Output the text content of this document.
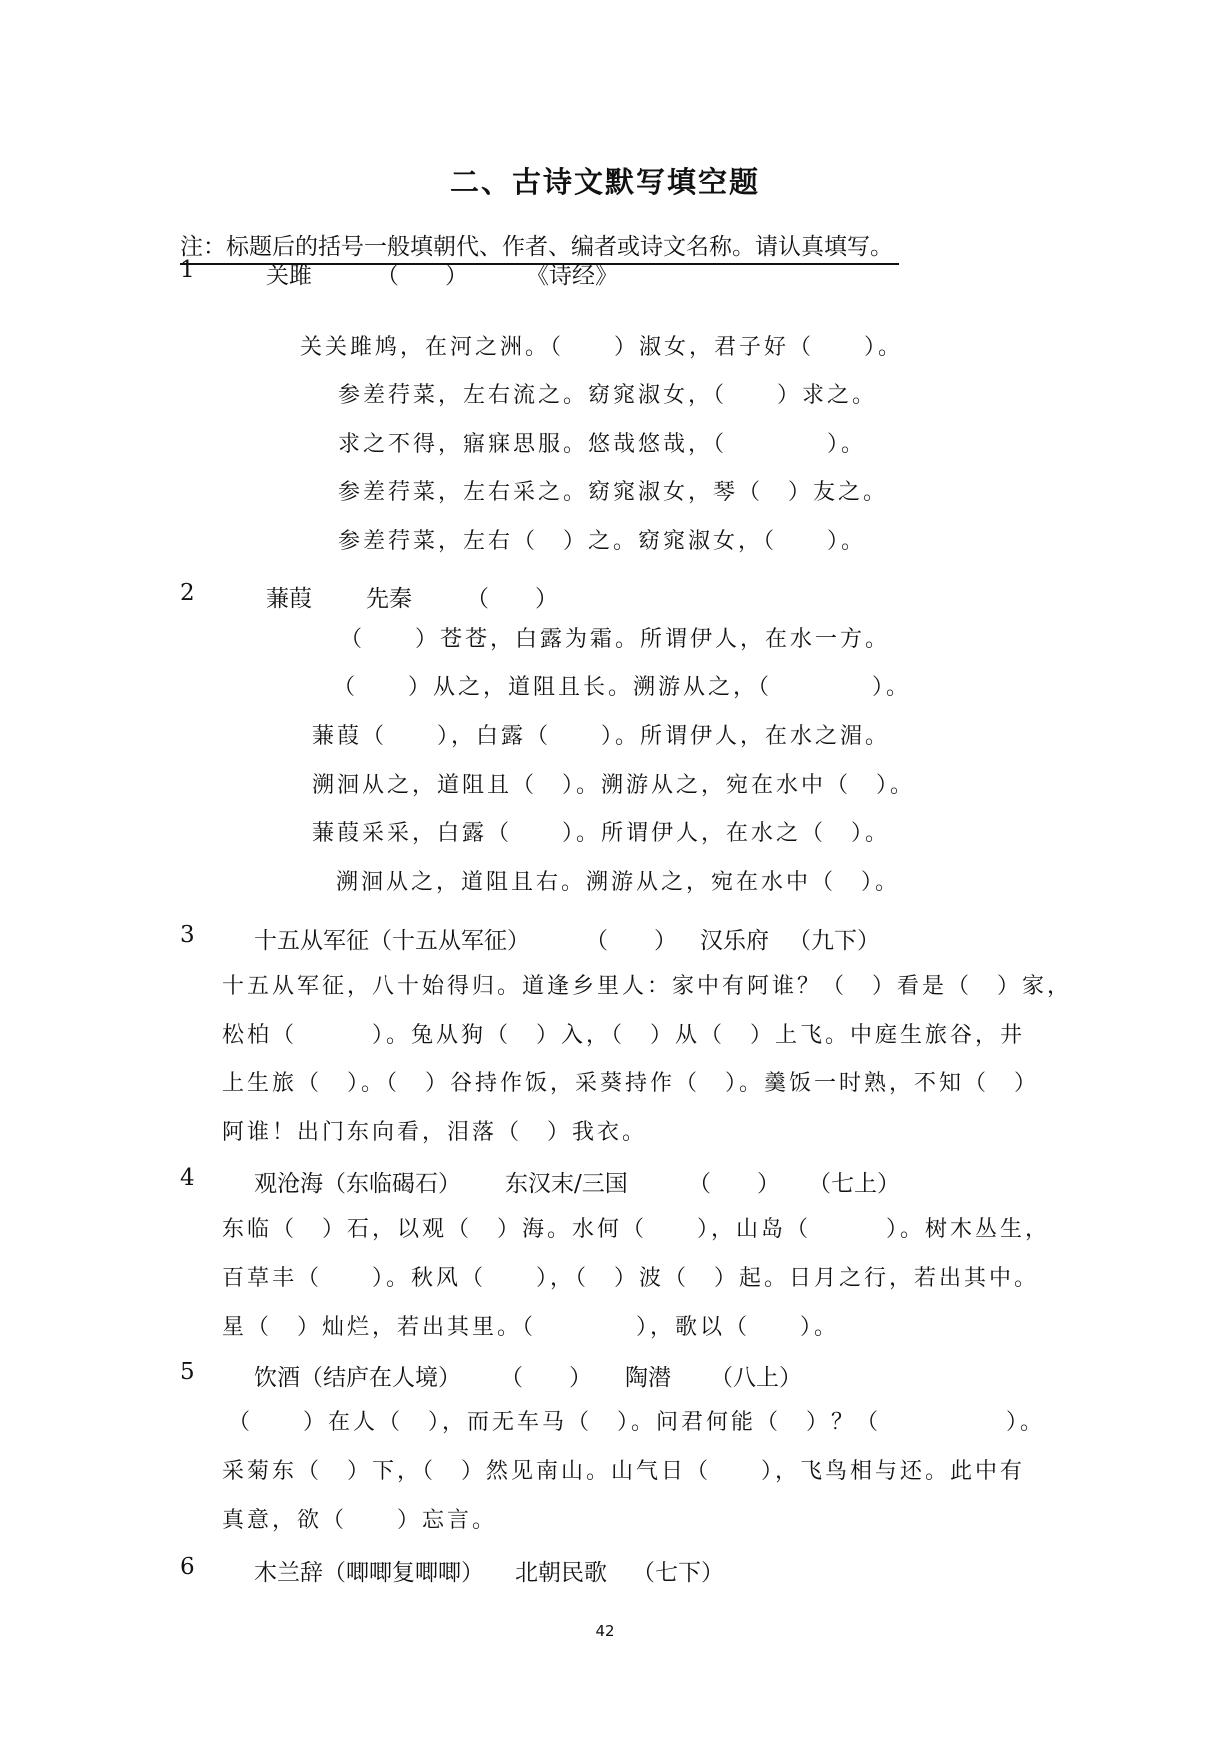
二、古诗文默写填空题
注：标题后的括号一般填朝代、作者、编者或诗文名称。请认真填写。
1	关雎	（　　）	《诗经》
关关雎鸠，在河之洲。（　　）淑女，君子好（　　）。
参差荇菜，左右流之。窈窕淑女，（　　）求之。
求之不得，寤寐思服。悠哉悠哉，（　　　　）。
参差荇菜，左右采之。窈窕淑女，琴（　）友之。
参差荇菜，左右（　）之。窈窕淑女，（　　）。
2	蒹葭 先秦 （　　）
（　　）苍苍，白露为霜。所谓伊人，在水一方。
（　　）从之，道阻且长。溯游从之，（　　　　）。
蒹葭（　　），白露（　　）。所谓伊人，在水之湄。
溯洄从之，道阻且（　）。溯游从之，宛在水中（　）。
蒹葭采采，白露（　　）。所谓伊人，在水之（　）。
溯洄从之，道阻且右。溯游从之，宛在水中（　）。
3	十五从军征（十五从军征） （　　） 汉乐府 （九下）
十五从军征，八十始得归。道逢乡里人：家中有阿谁？（　）看是（　）家，
松柏（　　　）。兔从狗（　）入，（　）从（　）上飞。中庭生旅谷，井
上生旅（　）。（　）谷持作饭，采葵持作（　）。羹饭一时熟，不知（　）
阿谁！出门东向看，泪落（　）我衣。
4	观沧海（东临碣石） 东汉末/三国	（　　） （七上）
东临（　）石，以观（　）海。水何（　　），山岛（　　　）。树木丛生，
百草丰（　　）。秋风（　　），（　）波（　）起。日月之行，若出其中。
星（　）灿烂，若出其里。（　　　　），歌以（　　）。
5	饮酒（结庐在人境） （　　） 陶潜 （八上）
（　　）在人（　），而无车马（　）。问君何能（　）？（　　　　　）。
采菊东（　）下，（　）然见南山。山气日（　　），飞鸟相与还。此中有
真意，欲（　　）忘言。
6	木兰辞（唧唧复唧唧） 北朝民歌 （七下）
42
